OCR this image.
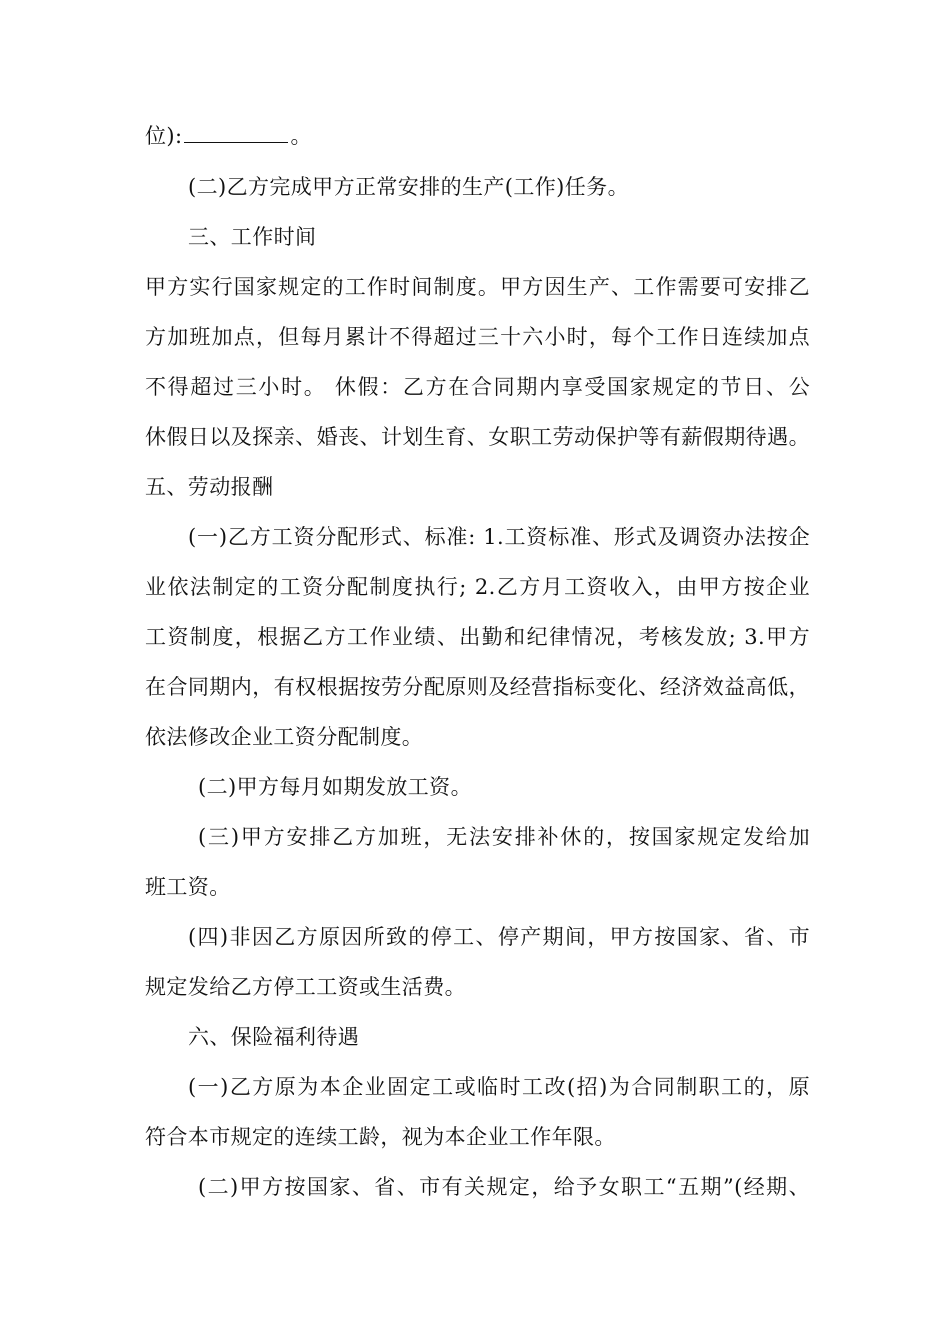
位):	。
(二)乙方完成甲方正常安排的生产(工作)任务。
三、工作时间
甲方实行国家规定的工作时间制度。甲方因生产、工作需要可安排乙
方加班加点，但每月累计不得超过三十六小时，每个工作日连续加点
不得超过三小时。 休假：乙方在合同期内享受国家规定的节日、公
休假日以及探亲、婚丧、计划生育、女职工劳动保护等有薪假期待遇。
五、劳动报酬
(一)乙方工资分配形式、标准: 1.工资标准、形式及调资办法按企
业依法制定的工资分配制度执行; 2.乙方月工资收入，由甲方按企业
工资制度，根据乙方工作业绩、出勤和纪律情况，考核发放; 3.甲方
在合同期内，有权根据按劳分配原则及经营指标变化、经济效益高低，
依法修改企业工资分配制度。
(二)甲方每月如期发放工资。
(三)甲方安排乙方加班，无法安排补休的，按国家规定发给加
班工资。
(四)非因乙方原因所致的停工、停产期间，甲方按国家、省、市
规定发给乙方停工工资或生活费。
六、保险福利待遇
(一)乙方原为本企业固定工或临时工改(招)为合同制职工的，原
符合本市规定的连续工龄，视为本企业工作年限。
(二)甲方按国家、省、市有关规定，给予女职工“五期”(经期、
